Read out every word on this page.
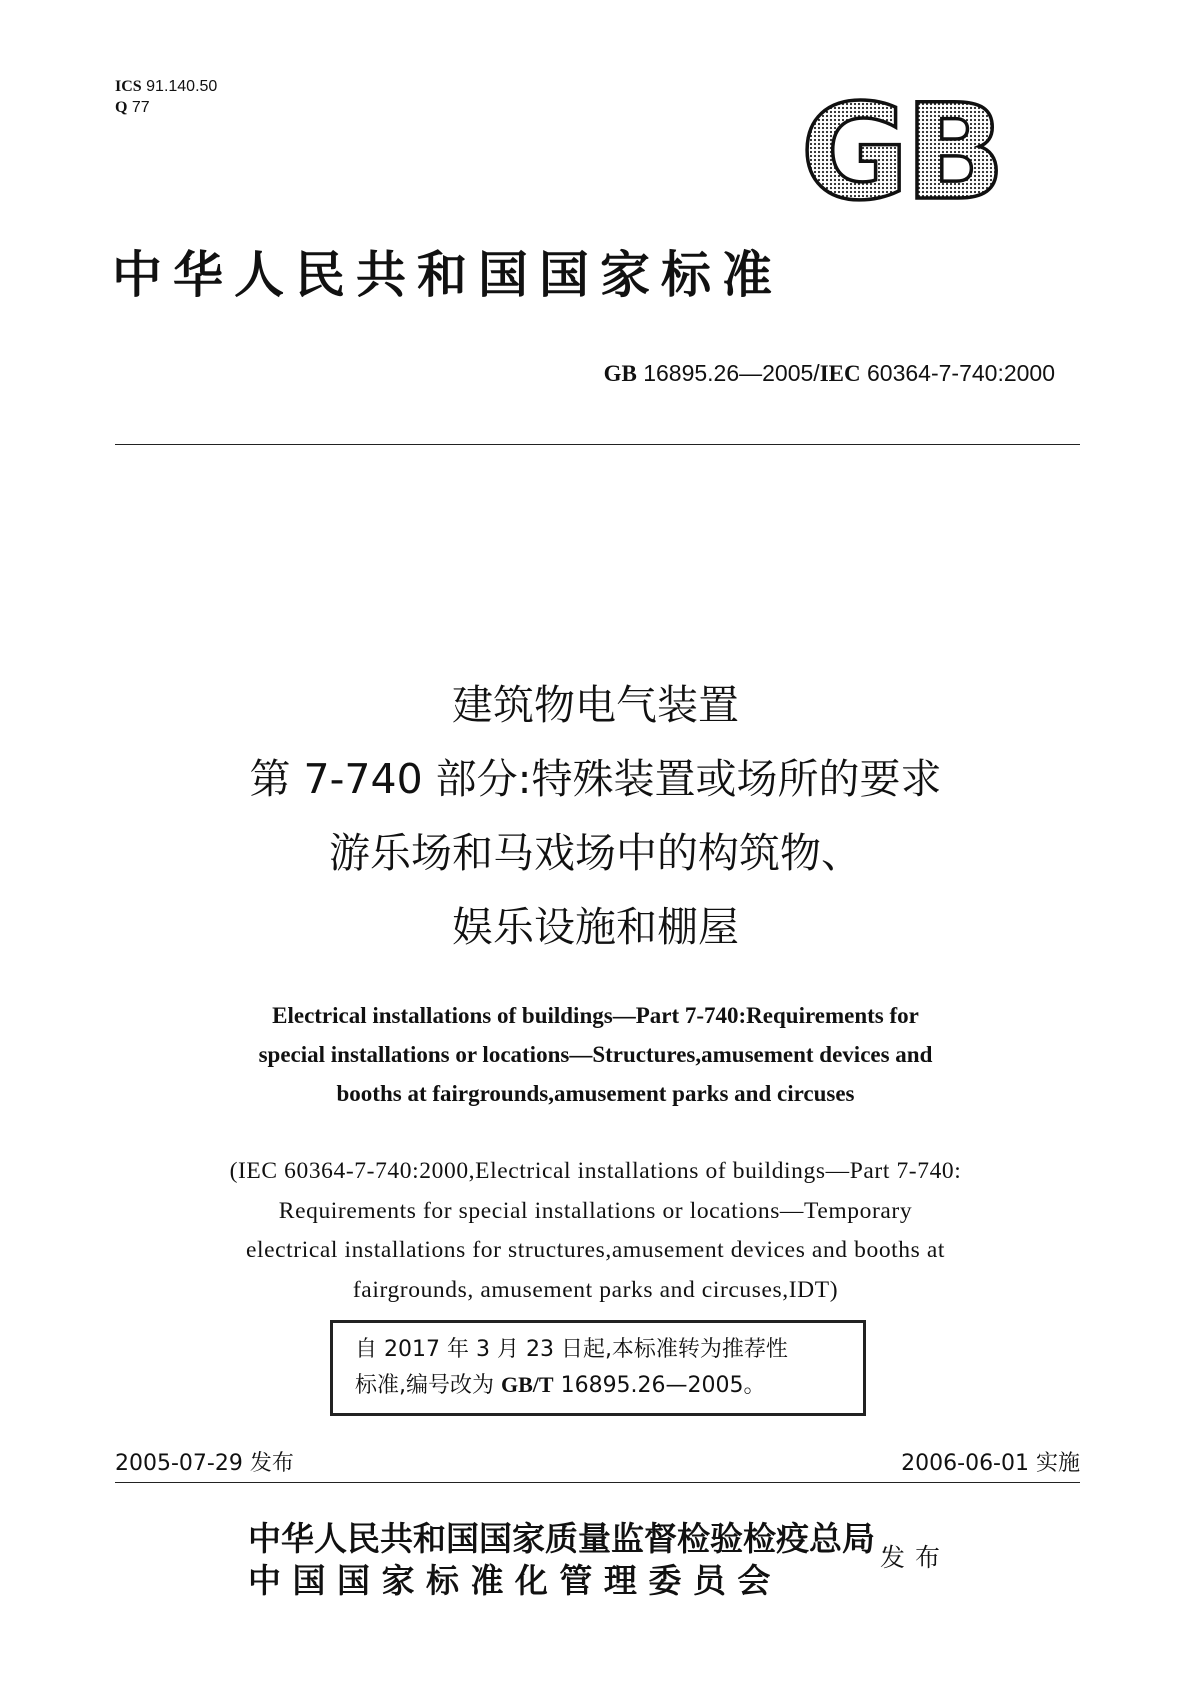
ICS 91.140.50
Q 77	GB
中华人民共和国国家标准
GB 16895.26—2005/IEC 60364-7-740:2000
建筑物电气装置
第 7-740 部分:特殊装置或场所的要求
游乐场和马戏场中的构筑物、
娱乐设施和棚屋
Electrical installations of buildings—Part 7-740:Requirements for
special installations or locations—Structures,amusement devices and
booths at fairgrounds,amusement parks and circuses
(IEC 60364-7-740:2000,Electrical installations of buildings—Part 7-740:
Requirements for special installations or locations—Temporary
electrical installations for structures,amusement devices and booths at
fairgrounds, amusement parks and circuses,IDT)
自 2017 年 3 月 23 日起,本标准转为推荐性
标准,编号改为 GB/T 16895.26—2005。
2005-07-29 发布	2006-06-01 实施
中华人民共和国国家质量监督检验检疫总局
中 国 国 家 标 准 化 管 理 委 员 会
发布
